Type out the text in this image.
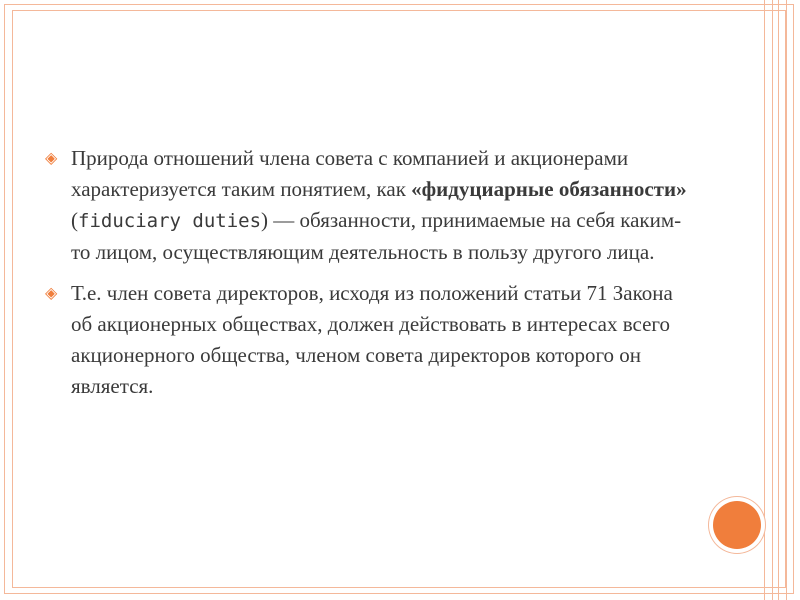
◈ Природа отношений члена совета с компанией и акционерами характеризуется таким понятием, как «фидуциарные обязанности» (fiduciary duties) — обязанности, принимаемые на себя каким-то лицом, осуществляющим деятельность в пользу другого лица.
◈ Т.е. член совета директоров, исходя из положений статьи 71 Закона об акционерных обществах, должен действовать в интересах всего акционерного общества, членом совета директоров которого он является.
